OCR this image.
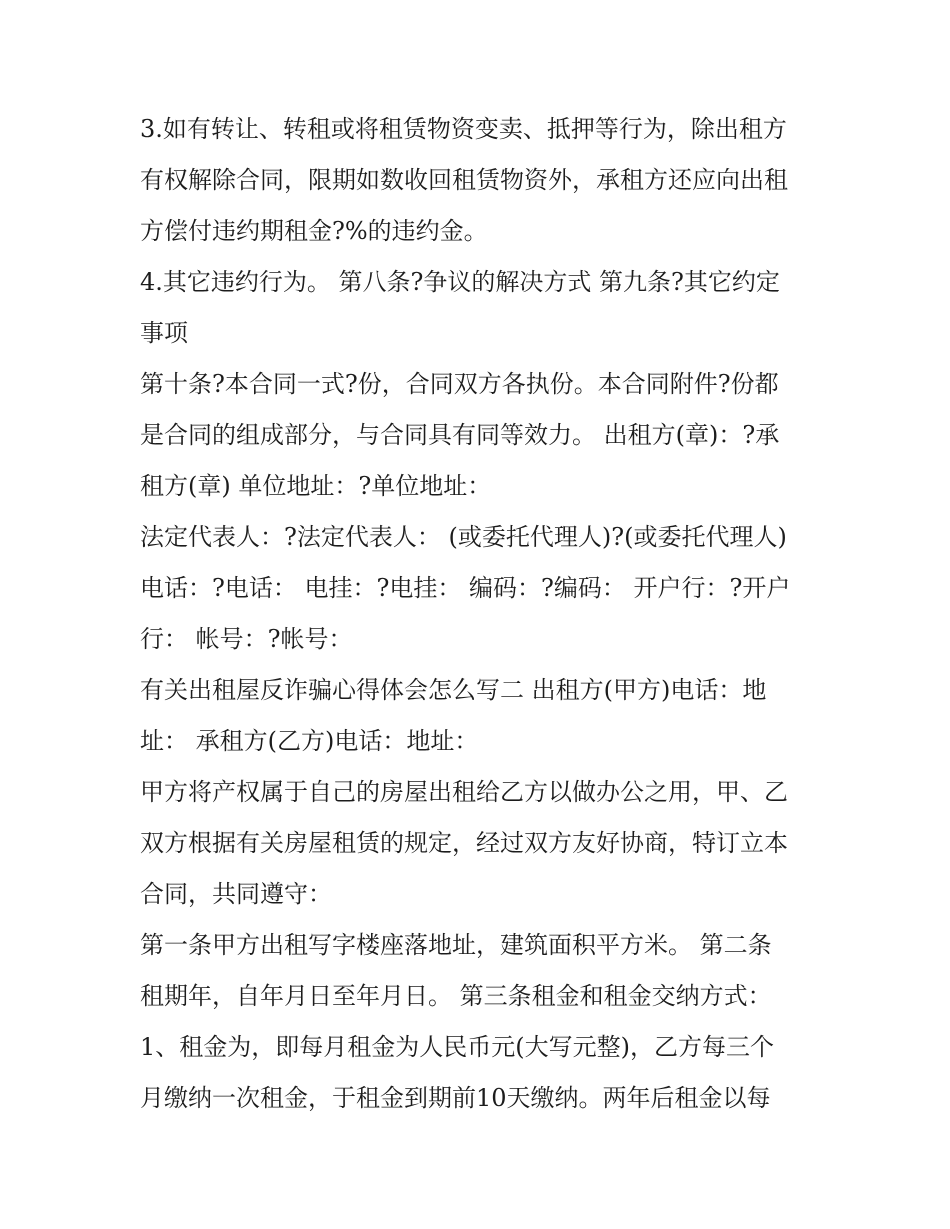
3.如有转让、转租或将租赁物资变卖、抵押等行为，除出租方
有权解除合同，限期如数收回租赁物资外，承租方还应向出租
方偿付违约期租金?%的违约金。

4.其它违约行为。 第八条?争议的解决方式 第九条?其它约定
事项

第十条?本合同一式?份，合同双方各执份。本合同附件?份都
是合同的组成部分，与合同具有同等效力。 出租方(章)：?承
租方(章) 单位地址：?单位地址：

法定代表人：?法定代表人： (或委托代理人)?(或委托代理人)
电话：?电话： 电挂：?电挂： 编码：?编码： 开户行：?开户
行： 帐号：?帐号：

有关出租屋反诈骗心得体会怎么写二 出租方(甲方)电话：地
址： 承租方(乙方)电话：地址：

甲方将产权属于自己的房屋出租给乙方以做办公之用，甲、乙
双方根据有关房屋租赁的规定，经过双方友好协商，特订立本
合同，共同遵守：

第一条甲方出租写字楼座落地址，建筑面积平方米。 第二条
租期年，自年月日至年月日。 第三条租金和租金交纳方式：

1、租金为，即每月租金为人民币元(大写元整)，乙方每三个
月缴纳一次租金，于租金到期前10天缴纳。两年后租金以每
